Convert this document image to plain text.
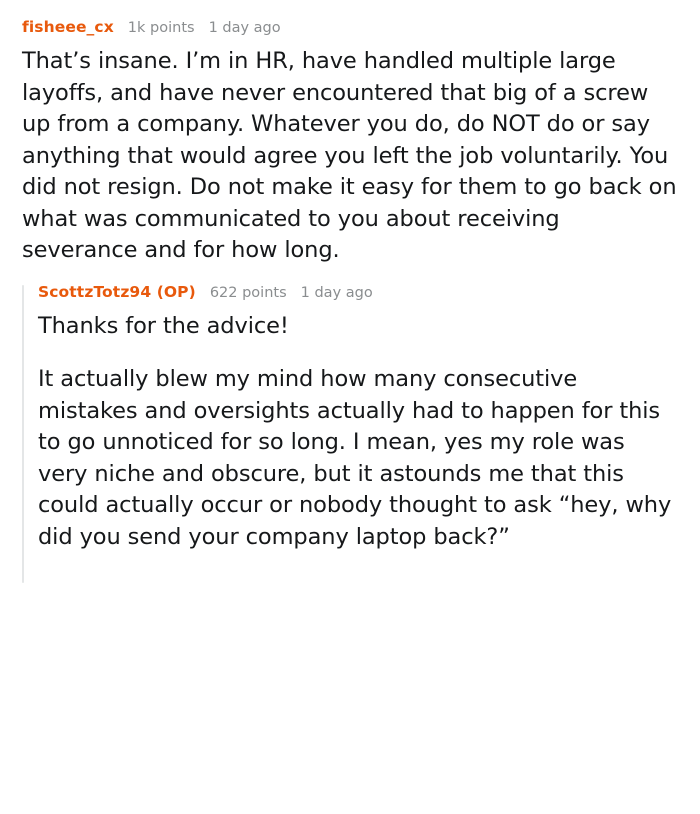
fisheee_cx 1k points 1 day ago

That’s insane. I’m in HR, have handled multiple large layoffs, and have never encountered that big of a screw up from a company. Whatever you do, do NOT do or say anything that would agree you left the job voluntarily. You did not resign. Do not make it easy for them to go back on what was communicated to you about receiving severance and for how long.

ScottzTotz94 (OP) 622 points 1 day ago

Thanks for the advice!

It actually blew my mind how many consecutive mistakes and oversights actually had to happen for this to go unnoticed for so long. I mean, yes my role was very niche and obscure, but it astounds me that this could actually occur or nobody thought to ask “hey, why did you send your company laptop back?”
